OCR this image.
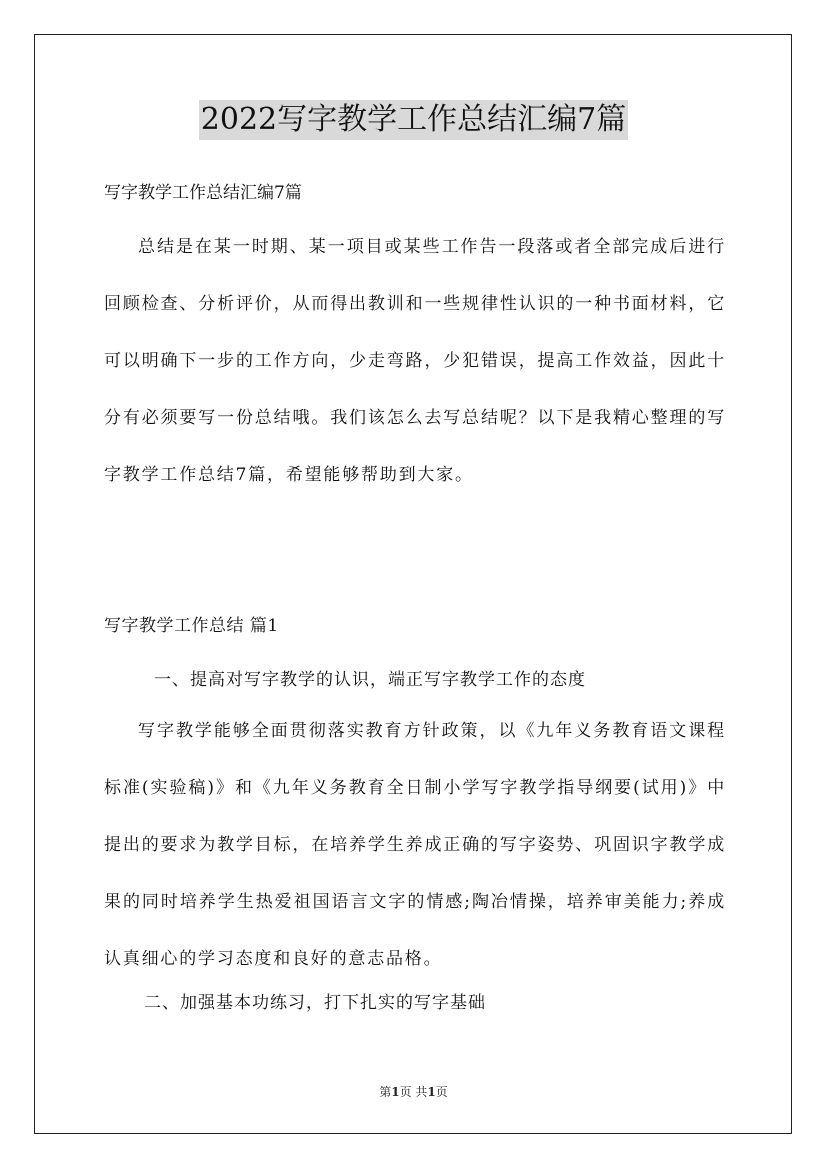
2022写字教学工作总结汇编7篇
写字教学工作总结汇编7篇

总结是在某一时期、某一项目或某些工作告一段落或者全部完成后进行回顾检查、分析评价，从而得出教训和一些规律性认识的一种书面材料，它可以明确下一步的工作方向，少走弯路，少犯错误，提高工作效益，因此十分有必须要写一份总结哦。我们该怎么去写总结呢？以下是我精心整理的写字教学工作总结7篇，希望能够帮助到大家。

写字教学工作总结 篇1
一、提高对写字教学的认识，端正写字教学工作的态度

写字教学能够全面贯彻落实教育方针政策，以《九年义务教育语文课程标准(实验稿)》和《九年义务教育全日制小学写字教学指导纲要(试用)》中提出的要求为教学目标，在培养学生养成正确的写字姿势、巩固识字教学成果的同时培养学生热爱祖国语言文字的情感;陶冶情操，培养审美能力;养成认真细心的学习态度和良好的意志品格。

二、加强基本功练习，打下扎实的写字基础
第1页 共1页
